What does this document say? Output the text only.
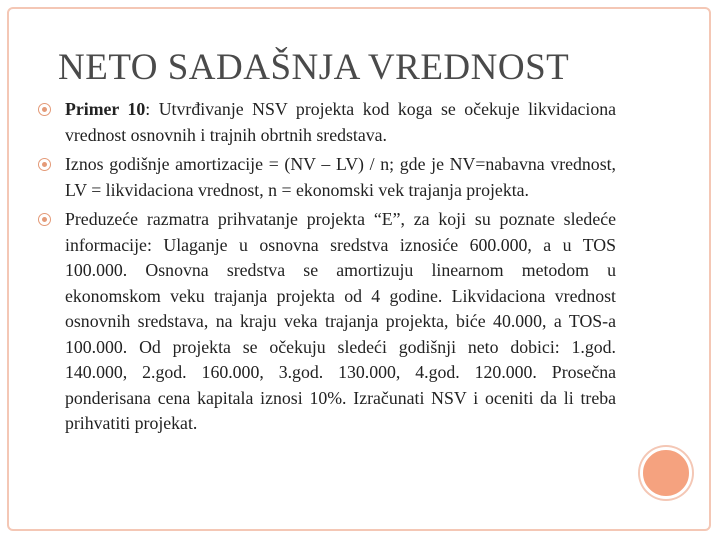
NETO SADAŠNJA VREDNOST
Primer 10: Utvrđivanje NSV projekta kod koga se očekuje likvidaciona vrednost osnovnih i trajnih obrtnih sredstava.
Iznos godišnje amortizacije = (NV – LV) / n; gde je NV=nabavna vrednost, LV = likvidaciona vrednost, n = ekonomski vek trajanja projekta.
Preduzeće razmatra prihvatanje projekta “E”, za koji su poznate sledeće informacije: Ulaganje u osnovna sredstva iznosiće 600.000, a u TOS 100.000. Osnovna sredstva se amortizuju linearnom metodom u ekonomskom veku trajanja projekta od 4 godine. Likvidaciona vrednost osnovnih sredstava, na kraju veka trajanja projekta, biće 40.000, a TOS-a 100.000. Od projekta se očekuju sledeći godišnji neto dobici: 1.god. 140.000, 2.god. 160.000, 3.god. 130.000, 4.god. 120.000. Prosečna ponderisana cena kapitala iznosi 10%. Izračunati NSV i oceniti da li treba prihvatiti projekat.
